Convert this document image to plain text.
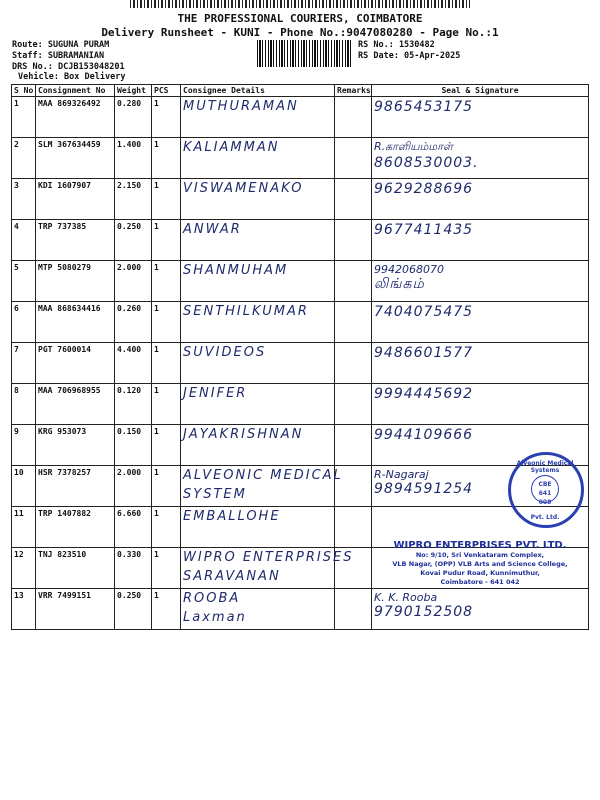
THE PROFESSIONAL COURIERS, COIMBATORE
Delivery Runsheet - KUNI - Phone No.:9047080280 - Page No.:1
Route: SUGUNA PURAM
Staff: SUBRAMANIAN
DRS No.: DCJB153048201
Vehicle: Box Delivery
RS No.: 1530482
RS Date: 05-Apr-2025
S No	Consignment No	Weight	PCS	Consignee Details	Remarks	Seal & Signature
1	MAA 869326492	0.280	1	MUTHURAMAN		9865453175

2	SLM 367634459	1.400	1	KALIAMMAN		R.காளியம்மாள்
8608530003.

3	KDI 1607907	2.150	1	VISWAMENAKO		9629288696

4	TRP 737385	0.250	1	ANWAR		9677411435

5	MTP 5080279	2.000	1	SHANMUHAM		9942068070
லிங்கம்

6	MAA 868634416	0.260	1	SENTHILKUMAR		7404075475

7	PGT 7600014	4.400	1	SUVIDEOS		9486601577

8	MAA 706968955	0.120	1	JENIFER		9994445692

9	KRG 953073	0.150	1	JAYAKRISHNAN		9944109666

10	HSR 7378257	2.000	1	ALVEONIC MEDICAL
SYSTEM		R-Nagaraj
9894591254

11	TRP 1407882	6.660	1	EMBALLOHE		
12	TNJ 823510	0.330	1	WIPRO ENTERPRISES
SARAVANAN		

13	VRR 7499151	0.250	1	ROOBA
Laxman		K. K. Rooba
9790152508
Alveonic Medical Systems
CBE 641 008
Pvt. Ltd.
WIPRO ENTERPRISES PVT. LTD.
No: 9/10, Sri Venkataram Complex,
VLB Nagar, (OPP) VLB Arts and Science College,
Kovai Pudur Road, Kunnimuthur,
Coimbatore - 641 042
